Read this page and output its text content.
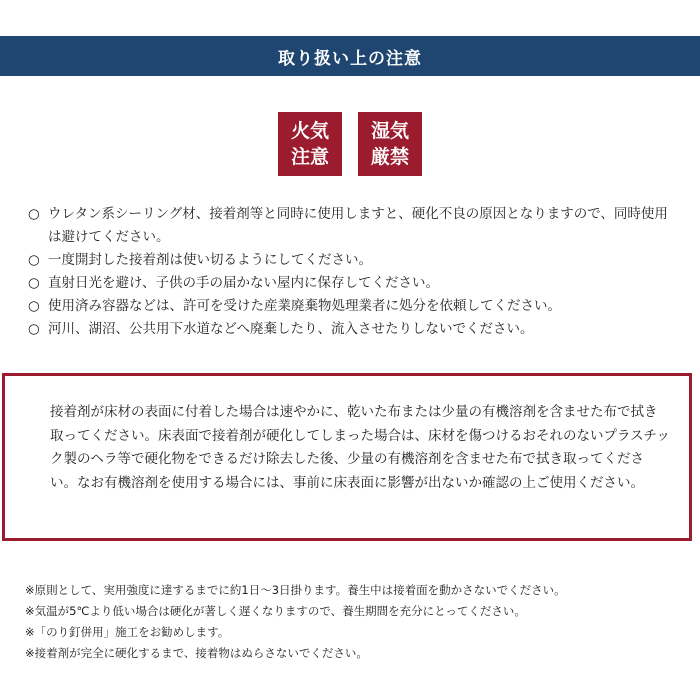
取り扱い上の注意
火気
注意
湿気
厳禁
○ ウレタン系シーリング材、接着剤等と同時に使用しますと、硬化不良の原因となりますので、同時使用は避けてください。
○ 一度開封した接着剤は使い切るようにしてください。
○ 直射日光を避け、子供の手の届かない屋内に保存してください。
○ 使用済み容器などは、許可を受けた産業廃棄物処理業者に処分を依頼してください。
○ 河川、湖沼、公共用下水道などへ廃棄したり、流入させたりしないでください。

接着剤が床材の表面に付着した場合は速やかに、乾いた布または少量の有機溶剤を含ませた布で拭き取ってください。床表面で接着剤が硬化してしまった場合は、床材を傷つけるおそれのないプラスチック製のヘラ等で硬化物をできるだけ除去した後、少量の有機溶剤を含ませた布で拭き取ってください。なお有機溶剤を使用する場合には、事前に床表面に影響が出ないか確認の上ご使用ください。

※原則として、実用強度に達するまでに約1日〜3日掛ります。養生中は接着面を動かさないでください。
※気温が5℃より低い場合は硬化が著しく遅くなりますので、養生期間を充分にとってください。
※「のり釘併用」施工をお勧めします。
※接着剤が完全に硬化するまで、接着物はぬらさないでください。
